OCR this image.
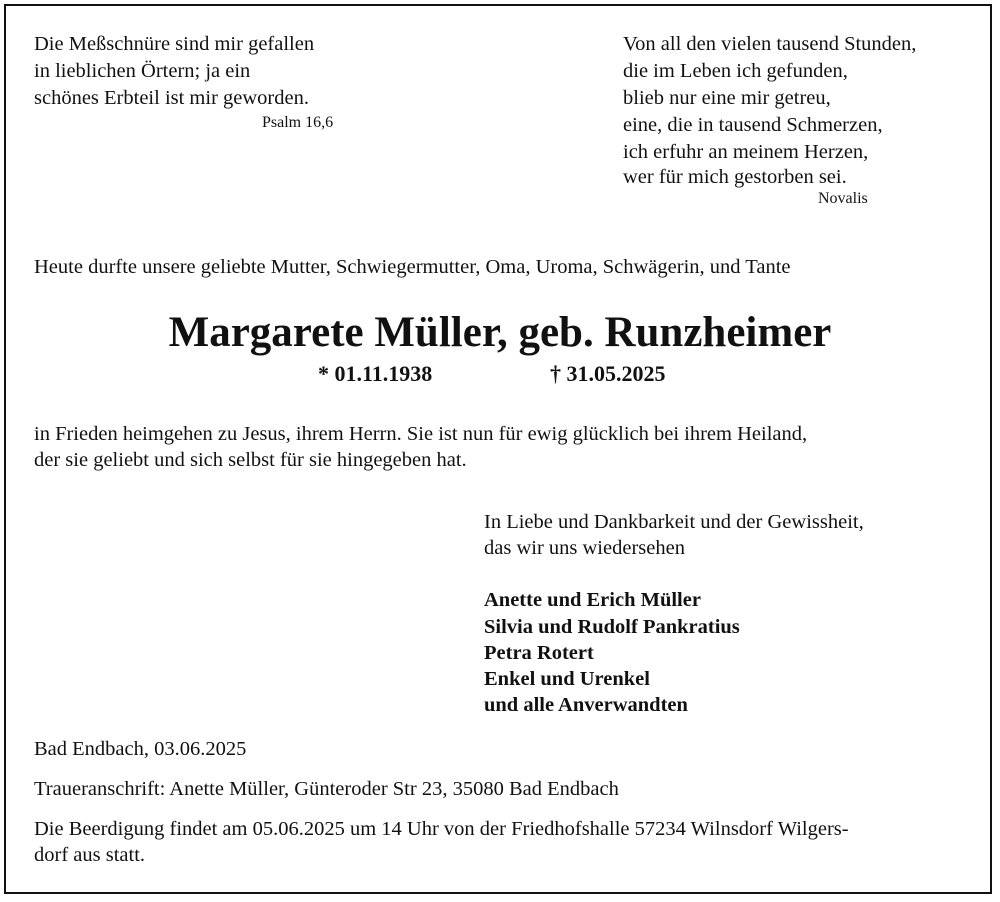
Die Meßschnüre sind mir gefallen
in lieblichen Örtern; ja ein
schönes Erbteil ist mir geworden.
Psalm 16,6
Von all den vielen tausend Stunden,
die im Leben ich gefunden,
blieb nur eine mir getreu,
eine, die in tausend Schmerzen,
ich erfuhr an meinem Herzen,
wer für mich gestorben sei.
Novalis
Heute durfte unsere geliebte Mutter, Schwiegermutter, Oma, Uroma, Schwägerin, und Tante
Margarete Müller, geb. Runzheimer
* 01.11.1938	† 31.05.2025
in Frieden heimgehen zu Jesus, ihrem Herrn. Sie ist nun für ewig glücklich bei ihrem Heiland,
der sie geliebt und sich selbst für sie hingegeben hat.
In Liebe und Dankbarkeit und der Gewissheit,
das wir uns wiedersehen
Anette und Erich Müller
Silvia und Rudolf Pankratius
Petra Rotert
Enkel und Urenkel
und alle Anverwandten
Bad Endbach, 03.06.2025
Traueranschrift: Anette Müller, Günteroder Str 23, 35080 Bad Endbach
Die Beerdigung findet am 05.06.2025 um 14 Uhr von der Friedhofshalle 57234 Wilnsdorf Wilgers-
dorf aus statt.
